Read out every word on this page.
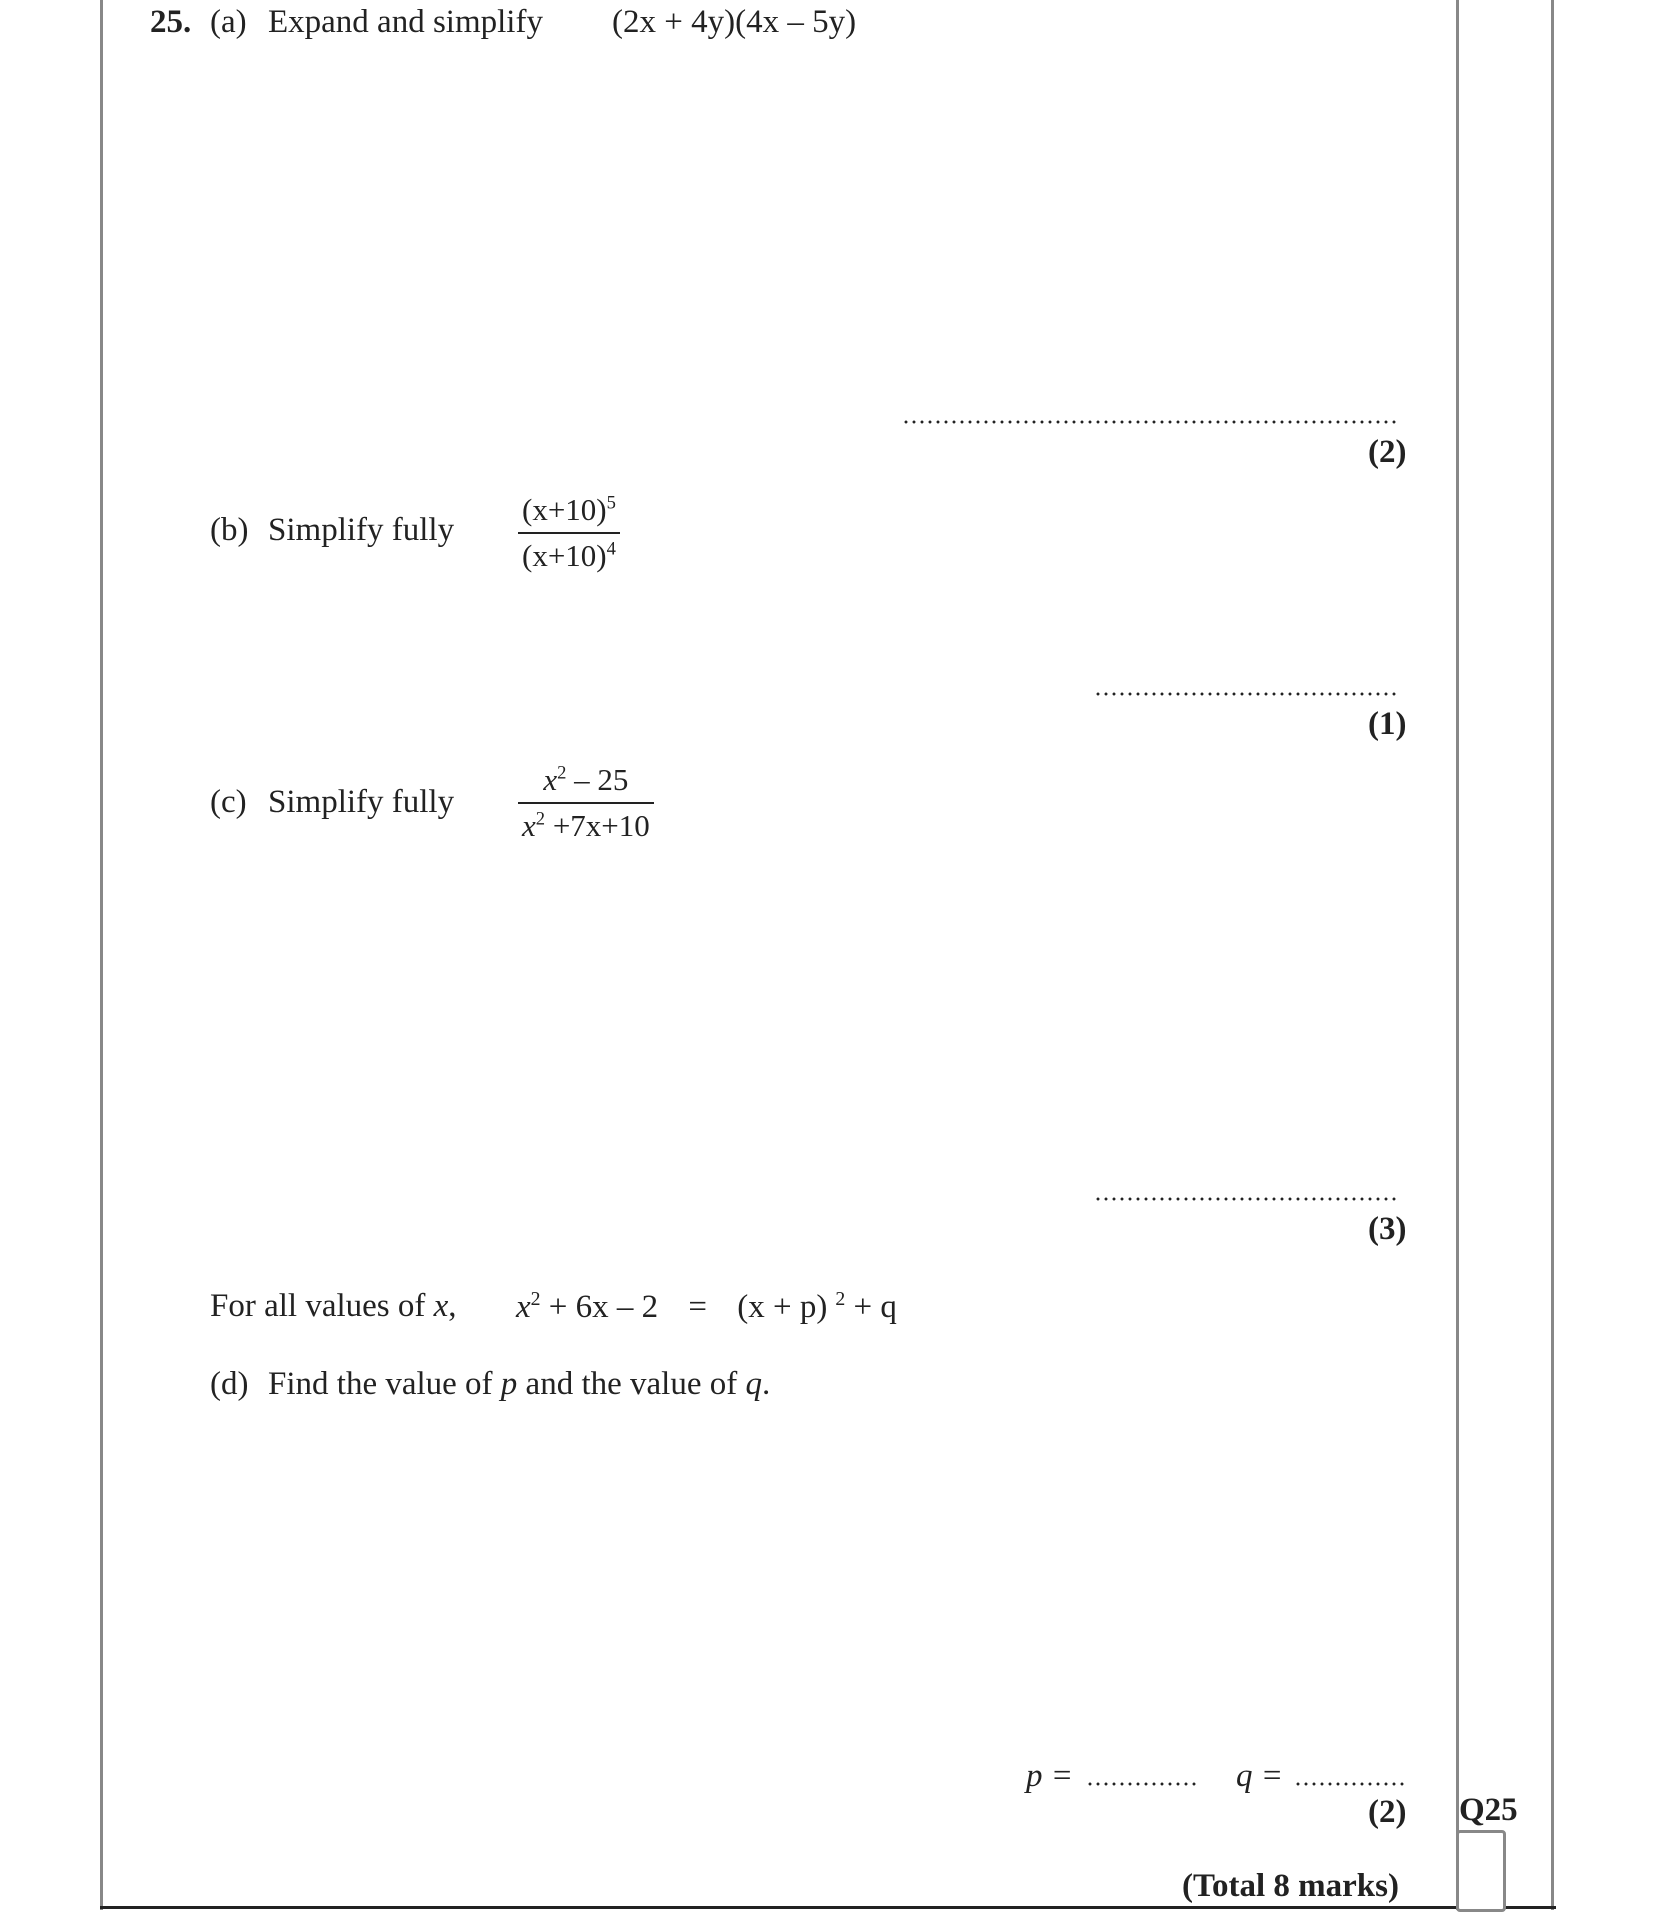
25. (a) Expand and simplify (2x + 4y)(4x – 5y)
(2)
(b) Simplify fully
$(x+10)^5$
$(x+10)^4$
(1)
(c) Simplify fully
$x^2 - 25$
$x^2 +7x+10$
(3)
For all values of x, $x^2 + 6x - 2 = (x + p) ^2 + q$
(d) Find the value of p and the value of q.
p =	q =
(2) Q25
(Total 8 marks)
